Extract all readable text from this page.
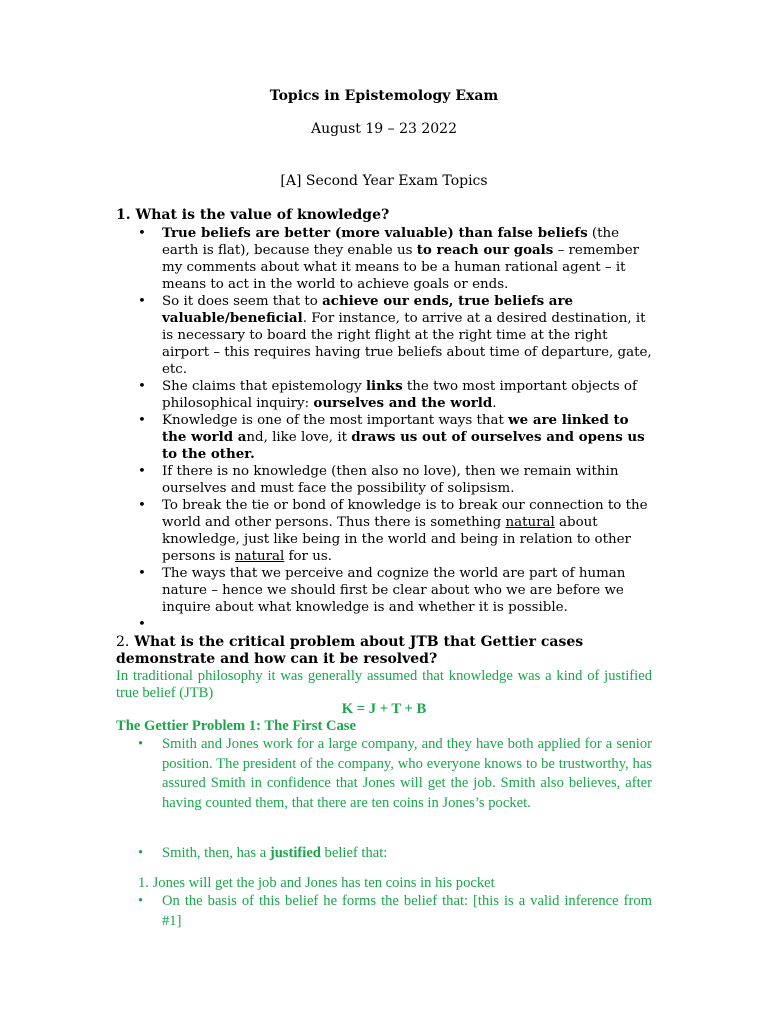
Topics in Epistemology Exam
August 19 – 23 2022
[A] Second Year Exam Topics
1. What is the value of knowledge?
• True beliefs are better (more valuable) than false beliefs (the earth is flat), because they enable us to reach our goals – remember my comments about what it means to be a human rational agent – it means to act in the world to achieve goals or ends.
• So it does seem that to achieve our ends, true beliefs are valuable/beneficial. For instance, to arrive at a desired destination, it is necessary to board the right flight at the right time at the right airport – this requires having true beliefs about time of departure, gate, etc.
• She claims that epistemology links the two most important objects of philosophical inquiry: ourselves and the world.
• Knowledge is one of the most important ways that we are linked to the world and, like love, it draws us out of ourselves and opens us to the other.
• If there is no knowledge (then also no love), then we remain within ourselves and must face the possibility of solipsism.
• To break the tie or bond of knowledge is to break our connection to the world and other persons. Thus there is something natural about knowledge, just like being in the world and being in relation to other persons is natural for us.
• The ways that we perceive and cognize the world are part of human nature – hence we should first be clear about who we are before we inquire about what knowledge is and whether it is possible.
•
2. What is the critical problem about JTB that Gettier cases demonstrate and how can it be resolved?
In traditional philosophy it was generally assumed that knowledge was a kind of justified true belief (JTB)
K = J + T + B
The Gettier Problem 1: The First Case
• Smith and Jones work for a large company, and they have both applied for a senior position. The president of the company, who everyone knows to be trustworthy, has assured Smith in confidence that Jones will get the job. Smith also believes, after having counted them, that there are ten coins in Jones’s pocket.
• Smith, then, has a justified belief that:
1. Jones will get the job and Jones has ten coins in his pocket
• On the basis of this belief he forms the belief that: [this is a valid inference from #1]
